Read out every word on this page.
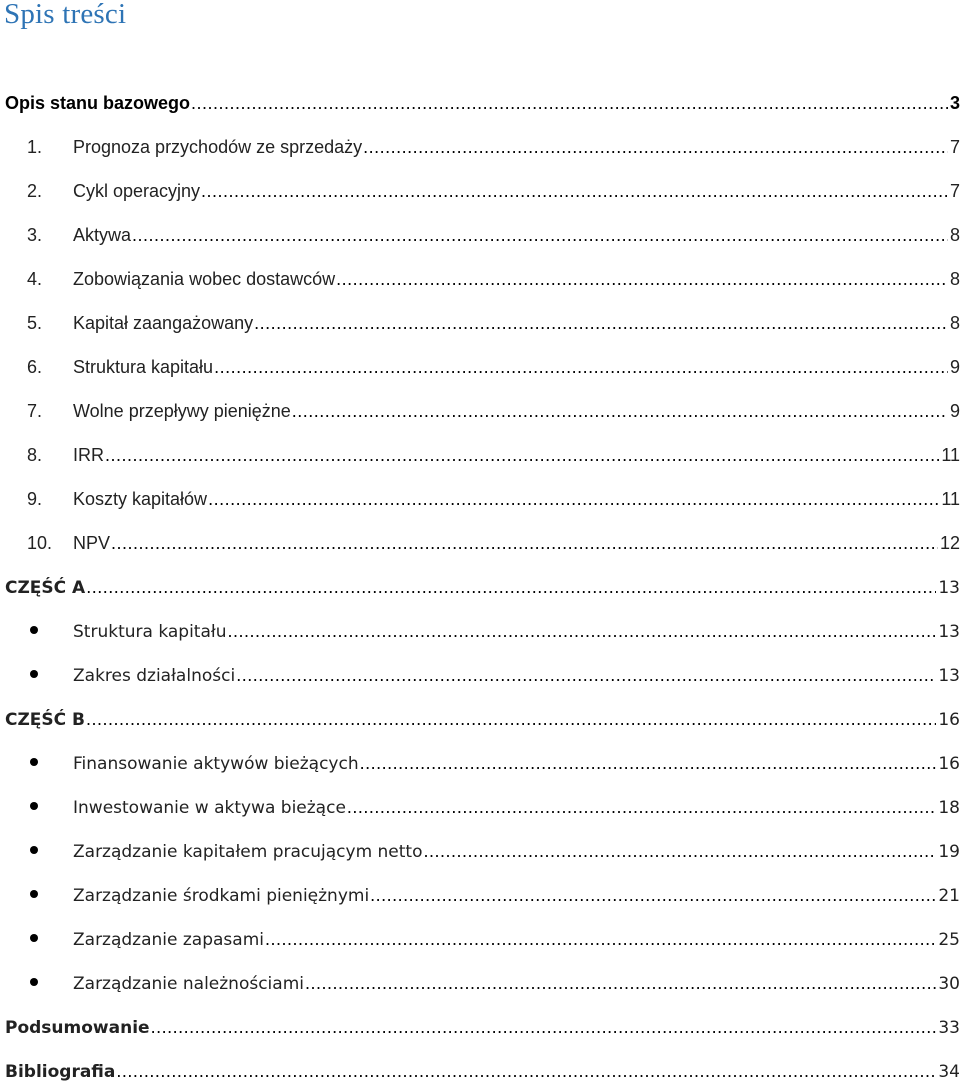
Spis treści
Opis stanu bazowego .....	3
1. Prognoza przychodów ze sprzedaży .....	7
2. Cykl operacyjny .....	7
3. Aktywa .....	8
4. Zobowiązania wobec dostawców .....	8
5. Kapitał zaangażowany .....	8
6. Struktura kapitału .....	9
7. Wolne przepływy pieniężne .....	9
8. IRR .....	11
9. Koszty kapitałów .....	11
10. NPV .....	12
CZĘŚĆ A .....	13
Struktura kapitału .....	13
Zakres działalności .....	13
CZĘŚĆ B .....	16
Finansowanie aktywów bieżących .....	16
Inwestowanie w aktywa bieżące .....	18
Zarządzanie kapitałem pracującym netto .....	19
Zarządzanie środkami pieniężnymi .....	21
Zarządzanie zapasami .....	25
Zarządzanie należnościami .....	30
Podsumowanie .....	33
Bibliografia .....	34
